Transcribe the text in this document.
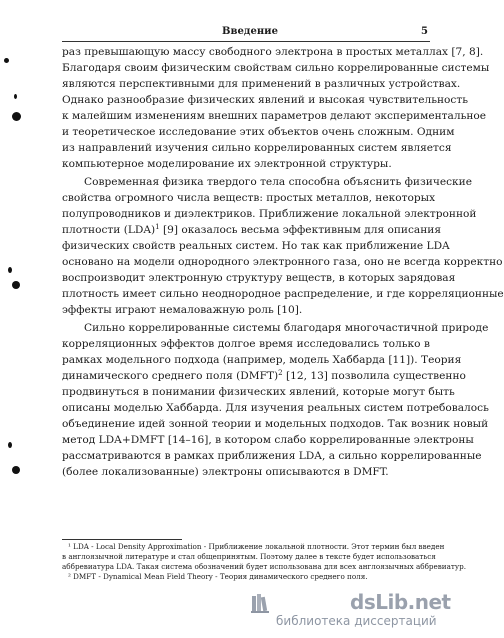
Введение	5
раз превышающую массу свободного электрона в простых металлах [7, 8].
Благодаря своим физическим свойствам сильно коррелированные системы
являются перспективными для применений в различных устройствах.
Однако разнообразие физических явлений и высокая чувствительность
к малейшим изменениям внешних параметров делают экспериментальное
и теоретическое исследование этих объектов очень сложным. Одним
из направлений изучения сильно коррелированных систем является
компьютерное моделирование их электронной структуры.
Современная физика твердого тела способна объяснить физические
свойства огромного числа веществ: простых металлов, некоторых
полупроводников и диэлектриков. Приближение локальной электронной
плотности (LDA)$^1$ [9] оказалось весьма эффективным для описания
физических свойств реальных систем. Но так как приближение LDA
основано на модели однородного электронного газа, оно не всегда корректно
воспроизводит электронную структуру веществ, в которых зарядовая
плотность имеет сильно неоднородное распределение, и где корреляционные
эффекты играют немаловажную роль [10].
Сильно коррелированные системы благодаря многочастичной природе
корреляционных эффектов долгое время исследовались только в
рамках модельного подхода (например, модель Хаббарда [11]). Теория
динамического среднего поля (DMFT)$^2$ [12, 13] позволила существенно
продвинуться в понимании физических явлений, которые могут быть
описаны моделью Хаббарда. Для изучения реальных систем потребовалось
объединение идей зонной теории и модельных подходов. Так возник новый
метод LDA+DMFT [14–16], в котором слабо коррелированные электроны
рассматриваются в рамках приближения LDA, а сильно коррелированные
(более локализованные) электроны описываются в DMFT.
¹ LDA - Local Density Approximation - Приближение локальной плотности. Этот термин был введен
в англоязычной литературе и стал общепринятым. Поэтому далее в тексте будет использоваться
аббревиатура LDA. Такая система обозначений будет использована для всех англоязычных аббревиатур.
² DMFT - Dynamical Mean Field Theory - Теория динамического среднего поля.
dsLib.net
библиотека диссертаций
